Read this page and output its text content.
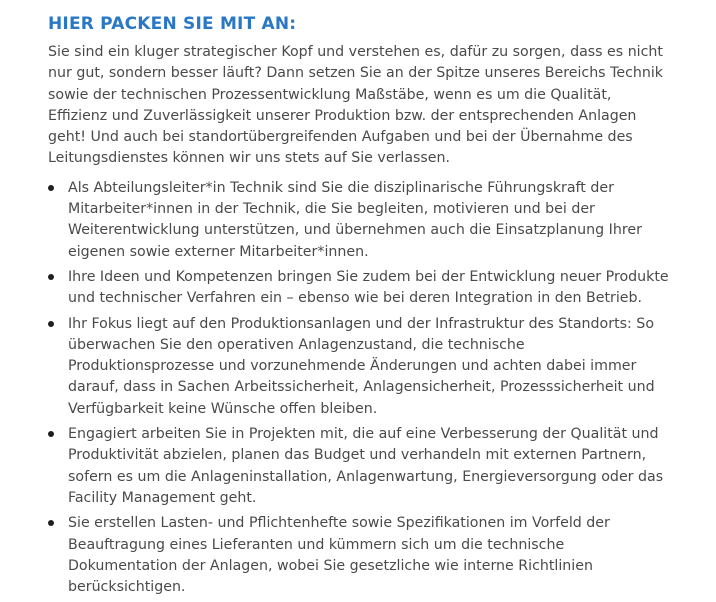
HIER PACKEN SIE MIT AN:

Sie sind ein kluger strategischer Kopf und verstehen es, dafür zu sorgen, dass es nicht nur gut, sondern besser läuft? Dann setzen Sie an der Spitze unseres Bereichs Technik sowie der technischen Prozessentwicklung Maßstäbe, wenn es um die Qualität, Effizienz und Zuverlässigkeit unserer Produktion bzw. der entsprechenden Anlagen geht! Und auch bei standortübergreifenden Aufgaben und bei der Übernahme des Leitungsdienstes können wir uns stets auf Sie verlassen.

Als Abteilungsleiter*in Technik sind Sie die disziplinarische Führungskraft der Mitarbeiter*innen in der Technik, die Sie begleiten, motivieren und bei der Weiterentwicklung unterstützen, und übernehmen auch die Einsatzplanung Ihrer eigenen sowie externer Mitarbeiter*innen.
Ihre Ideen und Kompetenzen bringen Sie zudem bei der Entwicklung neuer Produkte und technischer Verfahren ein – ebenso wie bei deren Integration in den Betrieb.
Ihr Fokus liegt auf den Produktionsanlagen und der Infrastruktur des Standorts: So überwachen Sie den operativen Anlagenzustand, die technische Produktionsprozesse und vorzunehmende Änderungen und achten dabei immer darauf, dass in Sachen Arbeitssicherheit, Anlagensicherheit, Prozesssicherheit und Verfügbarkeit keine Wünsche offen bleiben.
Engagiert arbeiten Sie in Projekten mit, die auf eine Verbesserung der Qualität und Produktivität abzielen, planen das Budget und verhandeln mit externen Partnern, sofern es um die Anlageninstallation, Anlagenwartung, Energieversorgung oder das Facility Management geht.
Sie erstellen Lasten- und Pflichtenhefte sowie Spezifikationen im Vorfeld der Beauftragung eines Lieferanten und kümmern sich um die technische Dokumentation der Anlagen, wobei Sie gesetzliche wie interne Richtlinien berücksichtigen.
